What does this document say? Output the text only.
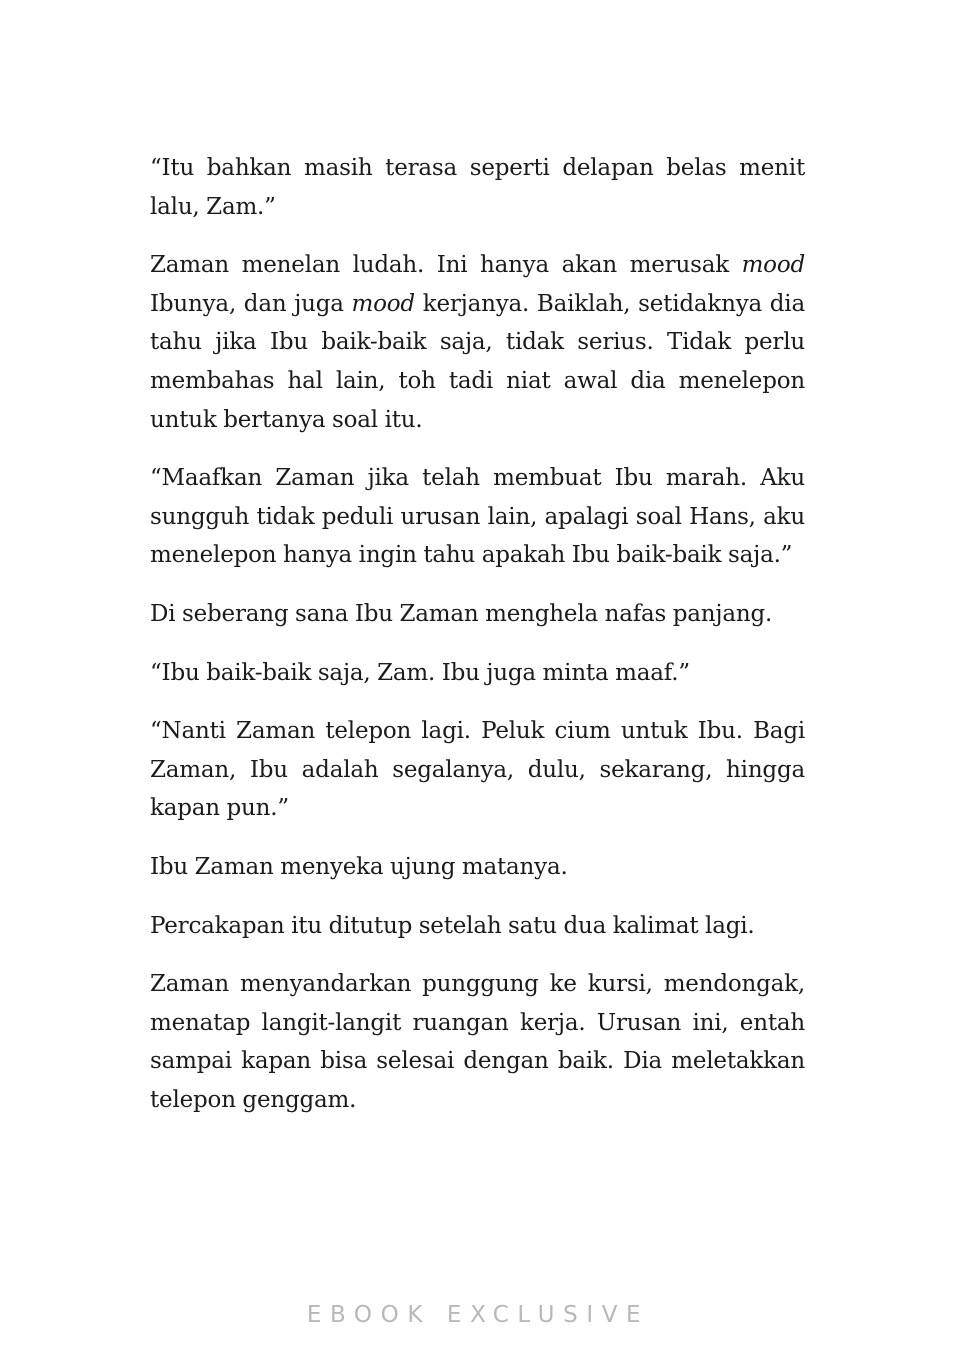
“Itu bahkan masih terasa seperti delapan belas menit lalu, Zam.”

Zaman menelan ludah. Ini hanya akan merusak mood Ibunya, dan juga mood kerjanya. Baiklah, setidaknya dia tahu jika Ibu baik-baik saja, tidak serius. Tidak perlu membahas hal lain, toh tadi niat awal dia menelepon untuk bertanya soal itu.

“Maafkan Zaman jika telah membuat Ibu marah. Aku sungguh tidak peduli urusan lain, apalagi soal Hans, aku menelepon hanya ingin tahu apakah Ibu baik-baik saja.”

Di seberang sana Ibu Zaman menghela nafas panjang.

“Ibu baik-baik saja, Zam. Ibu juga minta maaf.”

“Nanti Zaman telepon lagi. Peluk cium untuk Ibu. Bagi Zaman, Ibu adalah segalanya, dulu, sekarang, hingga kapan pun.”

Ibu Zaman menyeka ujung matanya.

Percakapan itu ditutup setelah satu dua kalimat lagi.

Zaman menyandarkan punggung ke kursi, mendongak, menatap langit-langit ruangan kerja. Urusan ini, entah sampai kapan bisa selesai dengan baik. Dia meletakkan telepon genggam.

EBOOK EXCLUSIVE
